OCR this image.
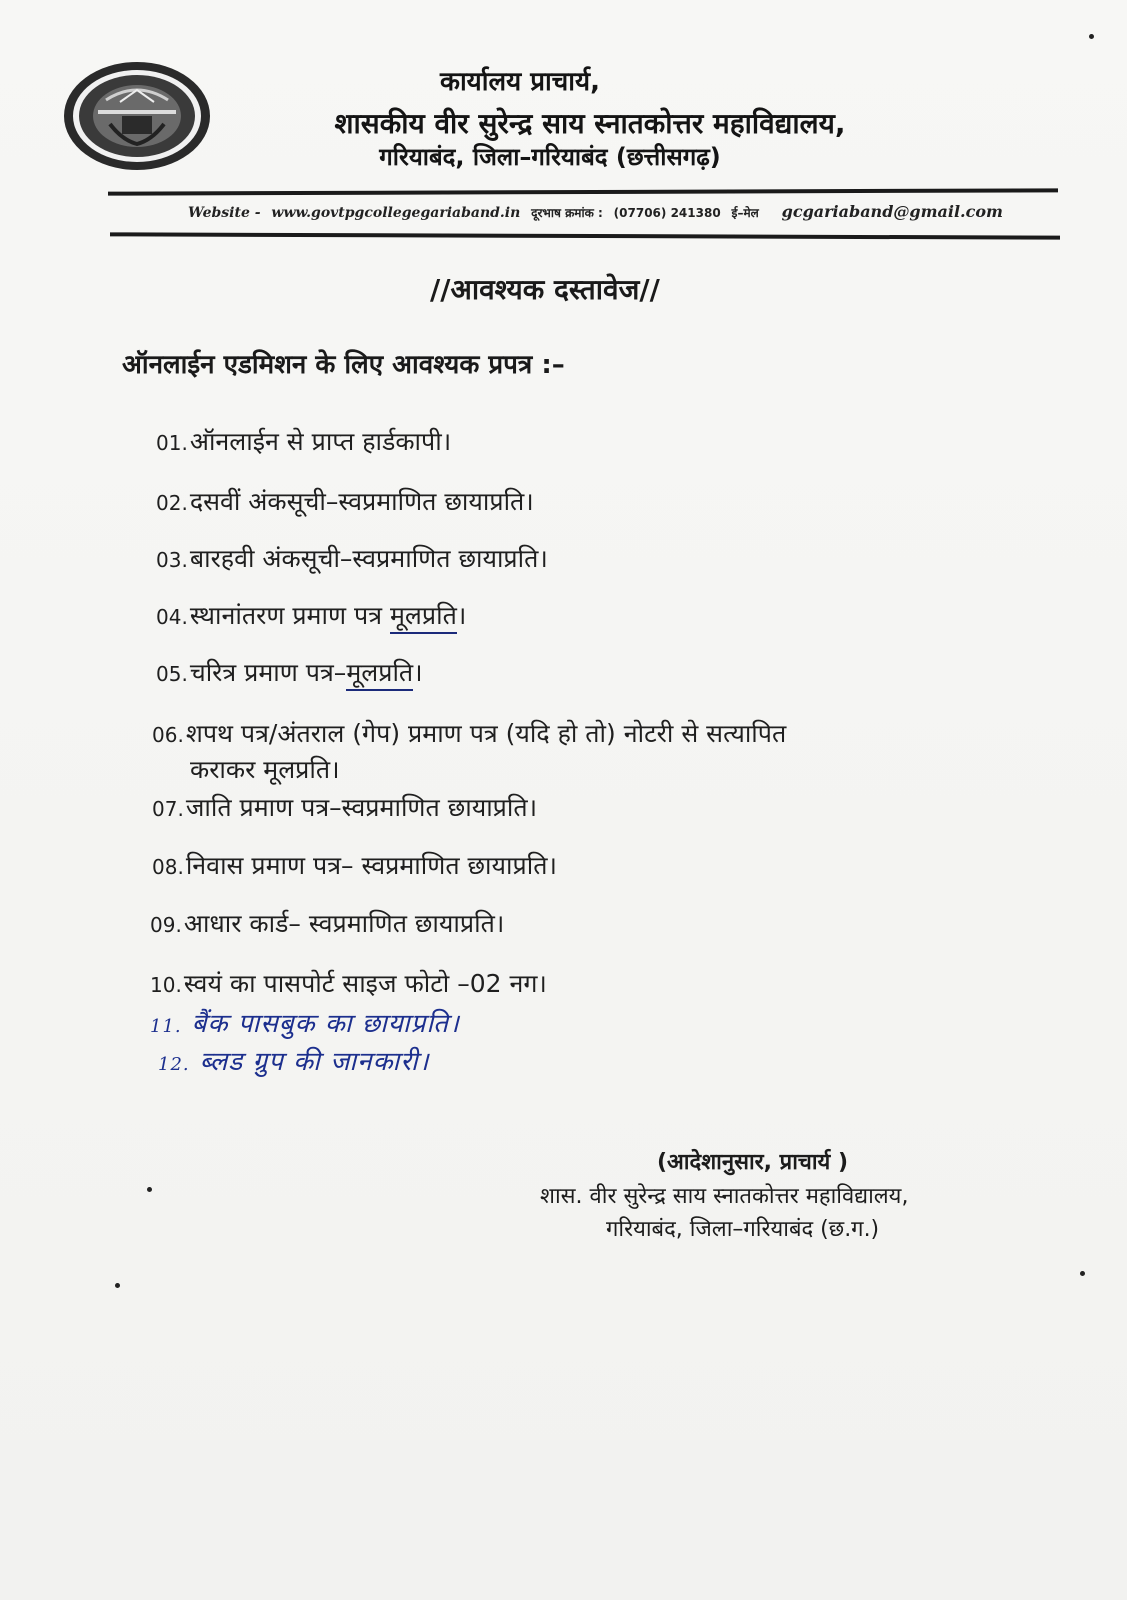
कार्यालय प्राचार्य,
शासकीय वीर सुरेन्द्र साय स्नातकोत्तर महाविद्यालय,
गरियाबंद, जिला–गरियाबंद (छत्तीसगढ़)
Website - www.govtpgcollegegariaband.in दूरभाष क्रमांक : (07706) 241380 ई–मेल gcgariaband@gmail.com
//आवश्यक दस्तावेज//
ऑनलाईन एडमिशन के लिए आवश्यक प्रपत्र :–
01.ऑनलाईन से प्राप्त हार्डकापी।
02.दसवीं अंकसूची–स्वप्रमाणित छायाप्रति।
03.बारहवी अंकसूची–स्वप्रमाणित छायाप्रति।
04.स्थानांतरण प्रमाण पत्र मूलप्रति।
05.चरित्र प्रमाण पत्र–मूलप्रति।
06.शपथ पत्र/अंतराल (गेप) प्रमाण पत्र (यदि हो तो) नोटरी से सत्यापित
कराकर मूलप्रति।
07.जाति प्रमाण पत्र–स्वप्रमाणित छायाप्रति।
08.निवास प्रमाण पत्र– स्वप्रमाणित छायाप्रति।
09.आधार कार्ड– स्वप्रमाणित छायाप्रति।
10.स्वयं का पासपोर्ट साइज फोटो –02 नग।
11. बैंक पासबुक का छायाप्रति।
12. ब्लड ग्रुप की जानकारी।
(आदेशानुसार, प्राचार्य )
शास. वीर सुरेन्द्र साय स्नातकोत्तर महाविद्यालय,
गरियाबंद, जिला–गरियाबंद (छ.ग.)
